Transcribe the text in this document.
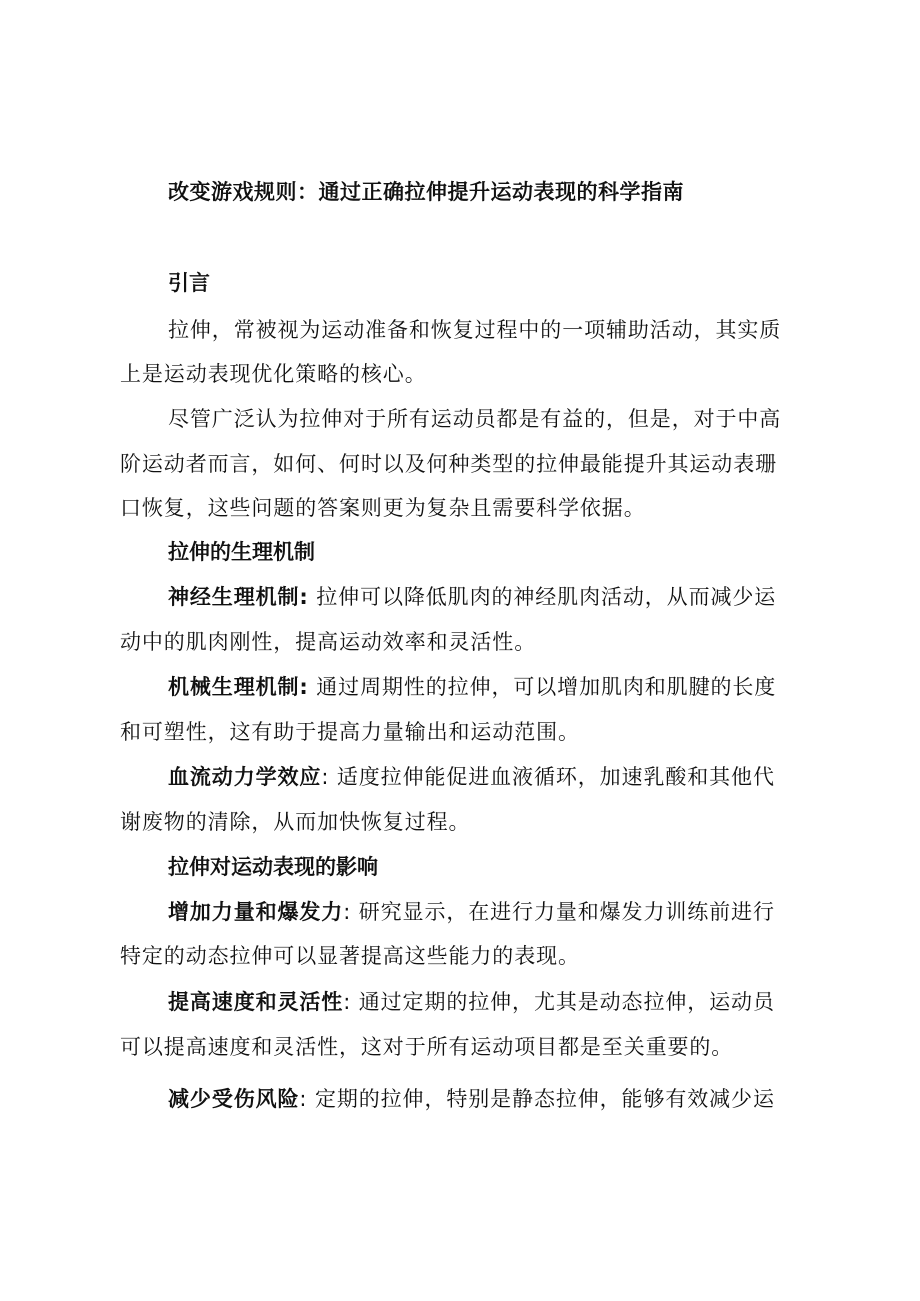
改变游戏规则：通过正确拉伸提升运动表现的科学指南
引言
拉伸，常被视为运动准备和恢复过程中的一项辅助活动，其实质
上是运动表现优化策略的核心。
尽管广泛认为拉伸对于所有运动员都是有益的，但是，对于中高
阶运动者而言，如何、何时以及何种类型的拉伸最能提升其运动表珊
口恢复，这些问题的答案则更为复杂且需要科学依据。
拉伸的生理机制
神经生理机制: 拉伸可以降低肌肉的神经肌肉活动，从而减少运
动中的肌肉刚性，提高运动效率和灵活性。
机械生理机制: 通过周期性的拉伸，可以增加肌肉和肌腱的长度
和可塑性，这有助于提高力量输出和运动范围。
血流动力学效应: 适度拉伸能促进血液循环，加速乳酸和其他代
谢废物的清除，从而加快恢复过程。
拉伸对运动表现的影响
增加力量和爆发力: 研究显示，在进行力量和爆发力训练前进行
特定的动态拉伸可以显著提高这些能力的表现。
提高速度和灵活性: 通过定期的拉伸，尤其是动态拉伸，运动员
可以提高速度和灵活性，这对于所有运动项目都是至关重要的。
减少受伤风险: 定期的拉伸，特别是静态拉伸，能够有效减少运
